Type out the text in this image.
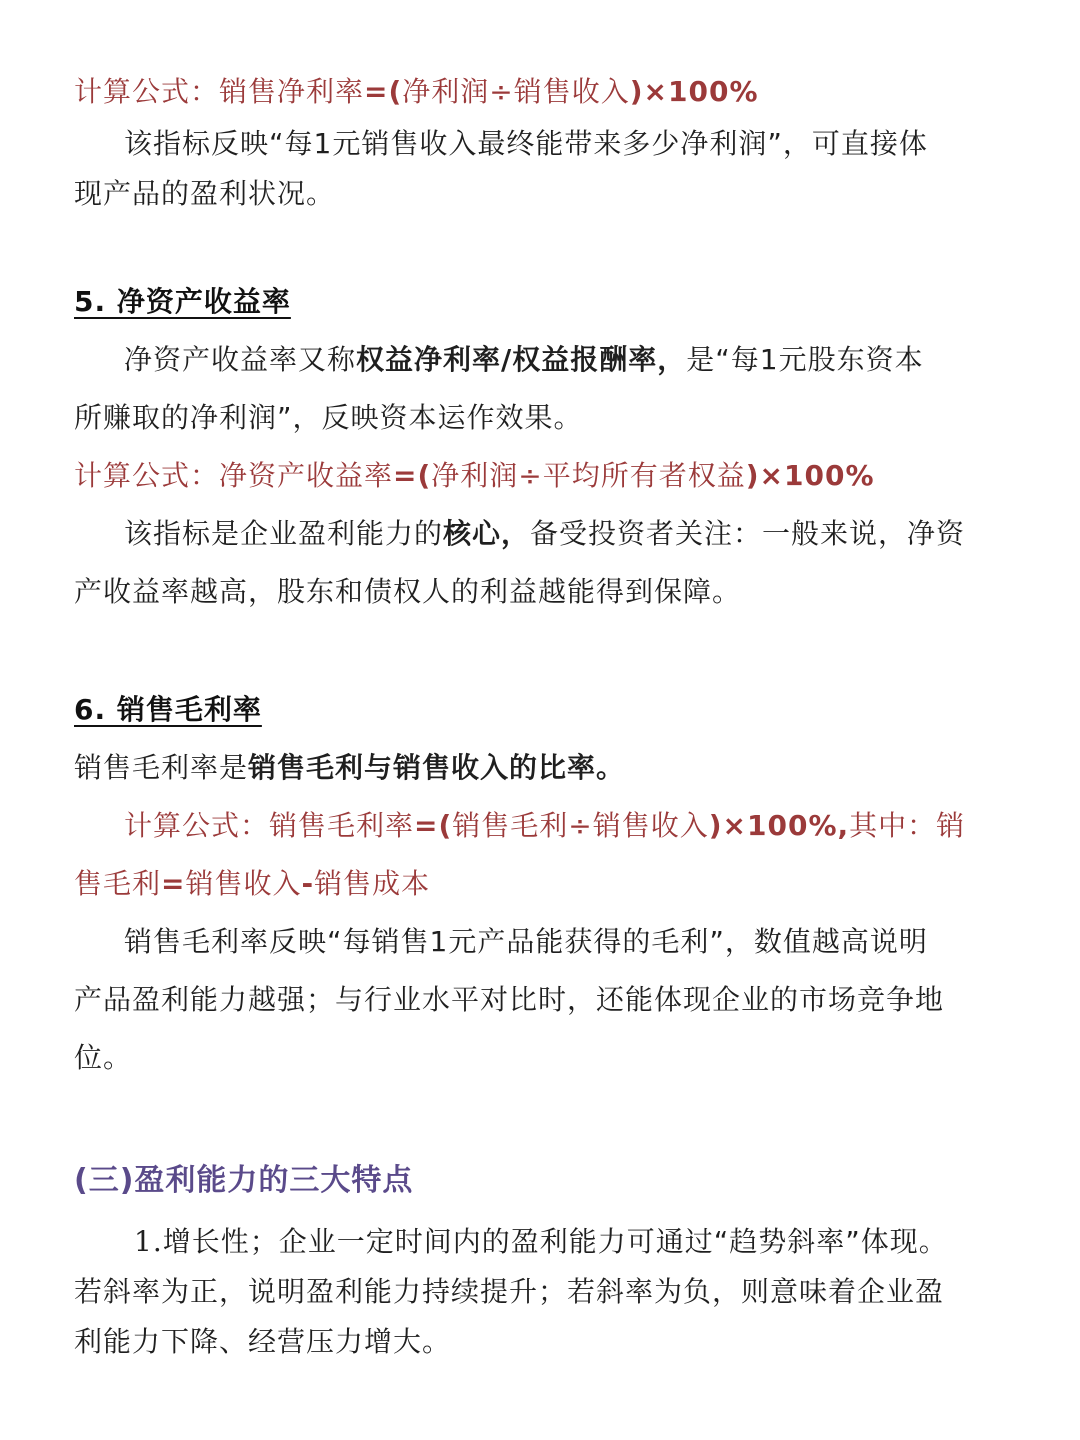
计算公式：销售净利率=(净利润÷销售收入)×100%
该指标反映“每1元销售收入最终能带来多少净利润”，可直接体
现产品的盈利状况。
5. 净资产收益率
净资产收益率又称权益净利率/权益报酬率，是“每1元股东资本
所赚取的净利润”，反映资本运作效果。
计算公式：净资产收益率=(净利润÷平均所有者权益)×100%
该指标是企业盈利能力的核心，备受投资者关注：一般来说，净资
产收益率越高，股东和债权人的利益越能得到保障。
6. 销售毛利率
销售毛利率是销售毛利与销售收入的比率。
计算公式：销售毛利率=(销售毛利÷销售收入)×100%,其中：销
售毛利=销售收入-销售成本
销售毛利率反映“每销售1元产品能获得的毛利”，数值越高说明
产品盈利能力越强；与行业水平对比时，还能体现企业的市场竞争地
位。
(三)盈利能力的三大特点
1.增长性；企业一定时间内的盈利能力可通过“趋势斜率”体现。
若斜率为正，说明盈利能力持续提升；若斜率为负，则意味着企业盈
利能力下降、经营压力增大。
